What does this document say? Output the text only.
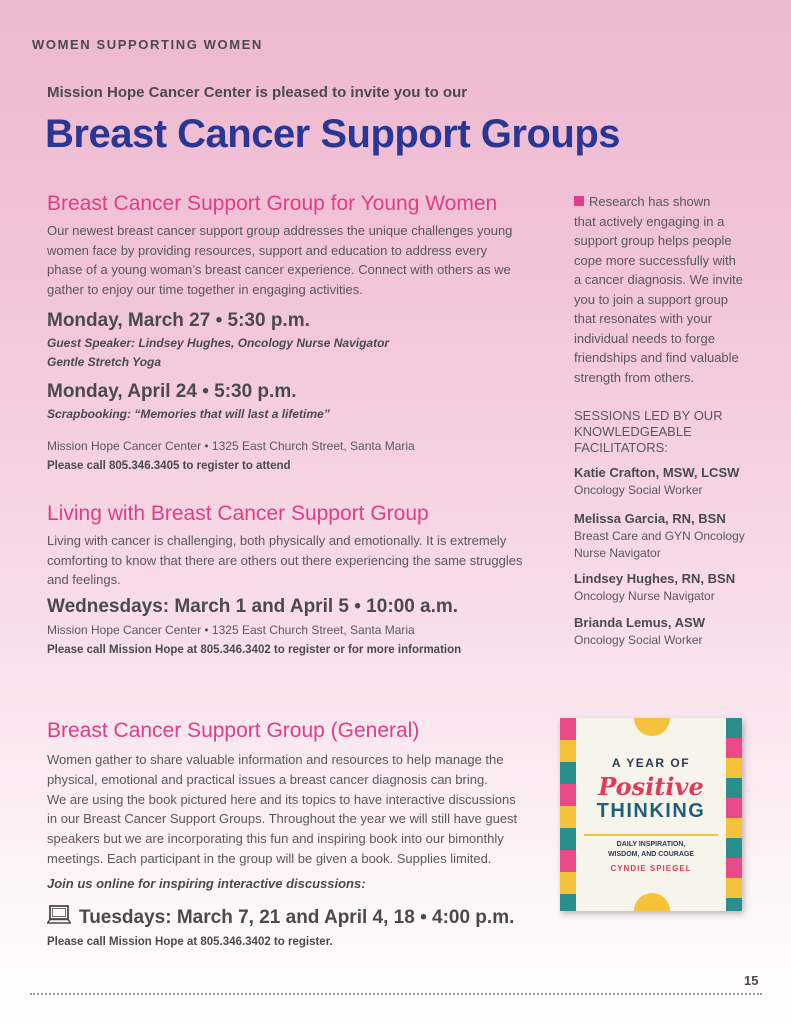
WOMEN SUPPORTING WOMEN
Mission Hope Cancer Center is pleased to invite you to our
Breast Cancer Support Groups
Breast Cancer Support Group for Young Women
Our newest breast cancer support group addresses the unique challenges young
women face by providing resources, support and education to address every
phase of a young woman’s breast cancer experience. Connect with others as we
gather to enjoy our time together in engaging activities.
Monday, March 27 • 5:30 p.m.
Guest Speaker: Lindsey Hughes, Oncology Nurse Navigator
Gentle Stretch Yoga
Monday, April 24 • 5:30 p.m.
Scrapbooking: “Memories that will last a lifetime”
Mission Hope Cancer Center • 1325 East Church Street, Santa Maria
Please call 805.346.3405 to register to attend
Living with Breast Cancer Support Group
Living with cancer is challenging, both physically and emotionally. It is extremely
comforting to know that there are others out there experiencing the same struggles
and feelings.
Wednesdays: March 1 and April 5 • 10:00 a.m.
Mission Hope Cancer Center • 1325 East Church Street, Santa Maria
Please call Mission Hope at 805.346.3402 to register or for more information
Breast Cancer Support Group (General)
Women gather to share valuable information and resources to help manage the
physical, emotional and practical issues a breast cancer diagnosis can bring.
We are using the book pictured here and its topics to have interactive discussions
in our Breast Cancer Support Groups. Throughout the year we will still have guest
speakers but we are incorporating this fun and inspiring book into our bimonthly
meetings. Each participant in the group will be given a book. Supplies limited.
Join us online for inspiring interactive discussions:
Tuesdays: March 7, 21 and April 4, 18 • 4:00 p.m.
Please call Mission Hope at 805.346.3402 to register.
Research has shown
that actively engaging in a
support group helps people
cope more successfully with
a cancer diagnosis. We invite
you to join a support group
that resonates with your
individual needs to forge
friendships and find valuable
strength from others.
SESSIONS LED BY OUR
KNOWLEDGEABLE
FACILITATORS:
Katie Crafton, MSW, LCSW
Oncology Social Worker
Melissa Garcia, RN, BSN
Breast Care and GYN Oncology
Nurse Navigator
Lindsey Hughes, RN, BSN
Oncology Nurse Navigator
Brianda Lemus, ASW
Oncology Social Worker
A YEAR OF
Positive
THINKING
DAILY INSPIRATION,
WISDOM, AND COURAGE
CYNDIE SPIEGEL
15
